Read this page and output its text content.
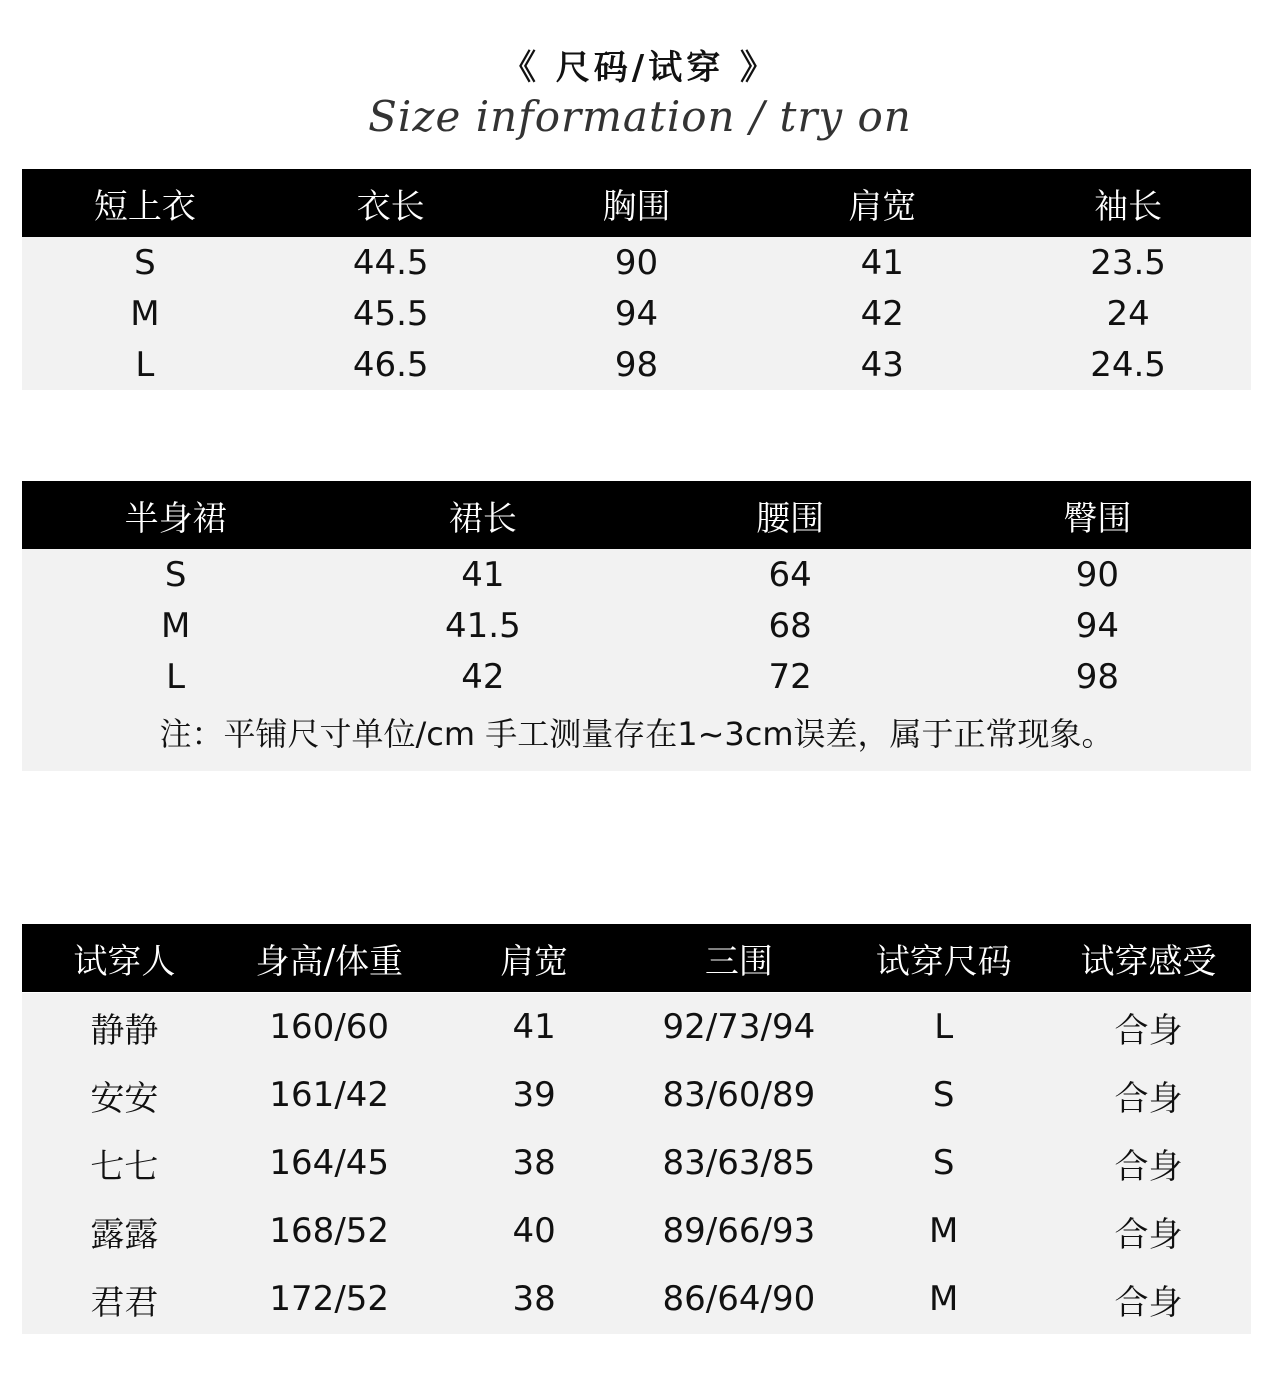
《 尺码/试穿 》
Size information / try on
短上衣	衣长	胸围	肩宽	袖长
S	44.5	90	41	23.5
M	45.5	94	42	24
L	46.5	98	43	24.5
半身裙	裙长	腰围	臀围
S	41	64	90
M	41.5	68	94
L	42	72	98
注：平铺尺寸单位/cm 手工测量存在1~3cm误差，属于正常现象。
试穿人	身高/体重	肩宽	三围	试穿尺码	试穿感受
静静	160/60	41	92/73/94	L	合身
安安	161/42	39	83/60/89	S	合身
七七	164/45	38	83/63/85	S	合身
露露	168/52	40	89/66/93	M	合身
君君	172/52	38	86/64/90	M	合身
